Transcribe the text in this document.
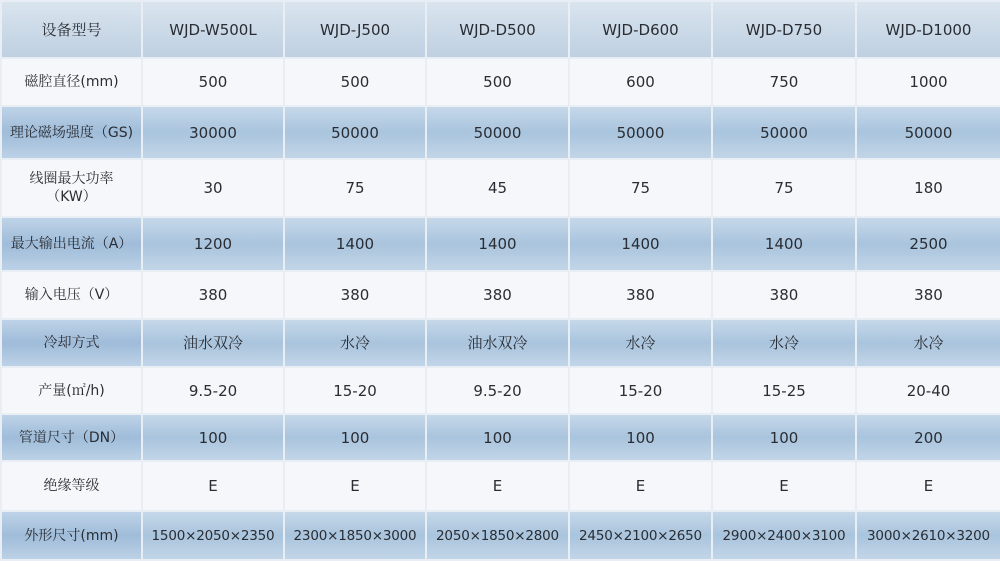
设备型号	WJD-W500L	WJD-J500	WJD-D500	WJD-D600	WJD-D750	WJD-D1000
磁腔直径(mm)	500	500	500	600	750	1000
理论磁场强度（GS)	30000	50000	50000	50000	50000	50000
线圈最大功率（KW）	30	75	45	75	75	180
最大输出电流（A）	1200	1400	1400	1400	1400	2500
输入电压（V）	380	380	380	380	380	380
冷却方式	油水双冷	水冷	油水双冷	水冷	水冷	水冷
产量(㎡/h)	9.5-20	15-20	9.5-20	15-20	15-25	20-40
管道尺寸（DN）	100	100	100	100	100	200
绝缘等级	E	E	E	E	E	E
外形尺寸(mm)	1500×2050×2350	2300×1850×3000	2050×1850×2800	2450×2100×2650	2900×2400×3100	3000×2610×3200
